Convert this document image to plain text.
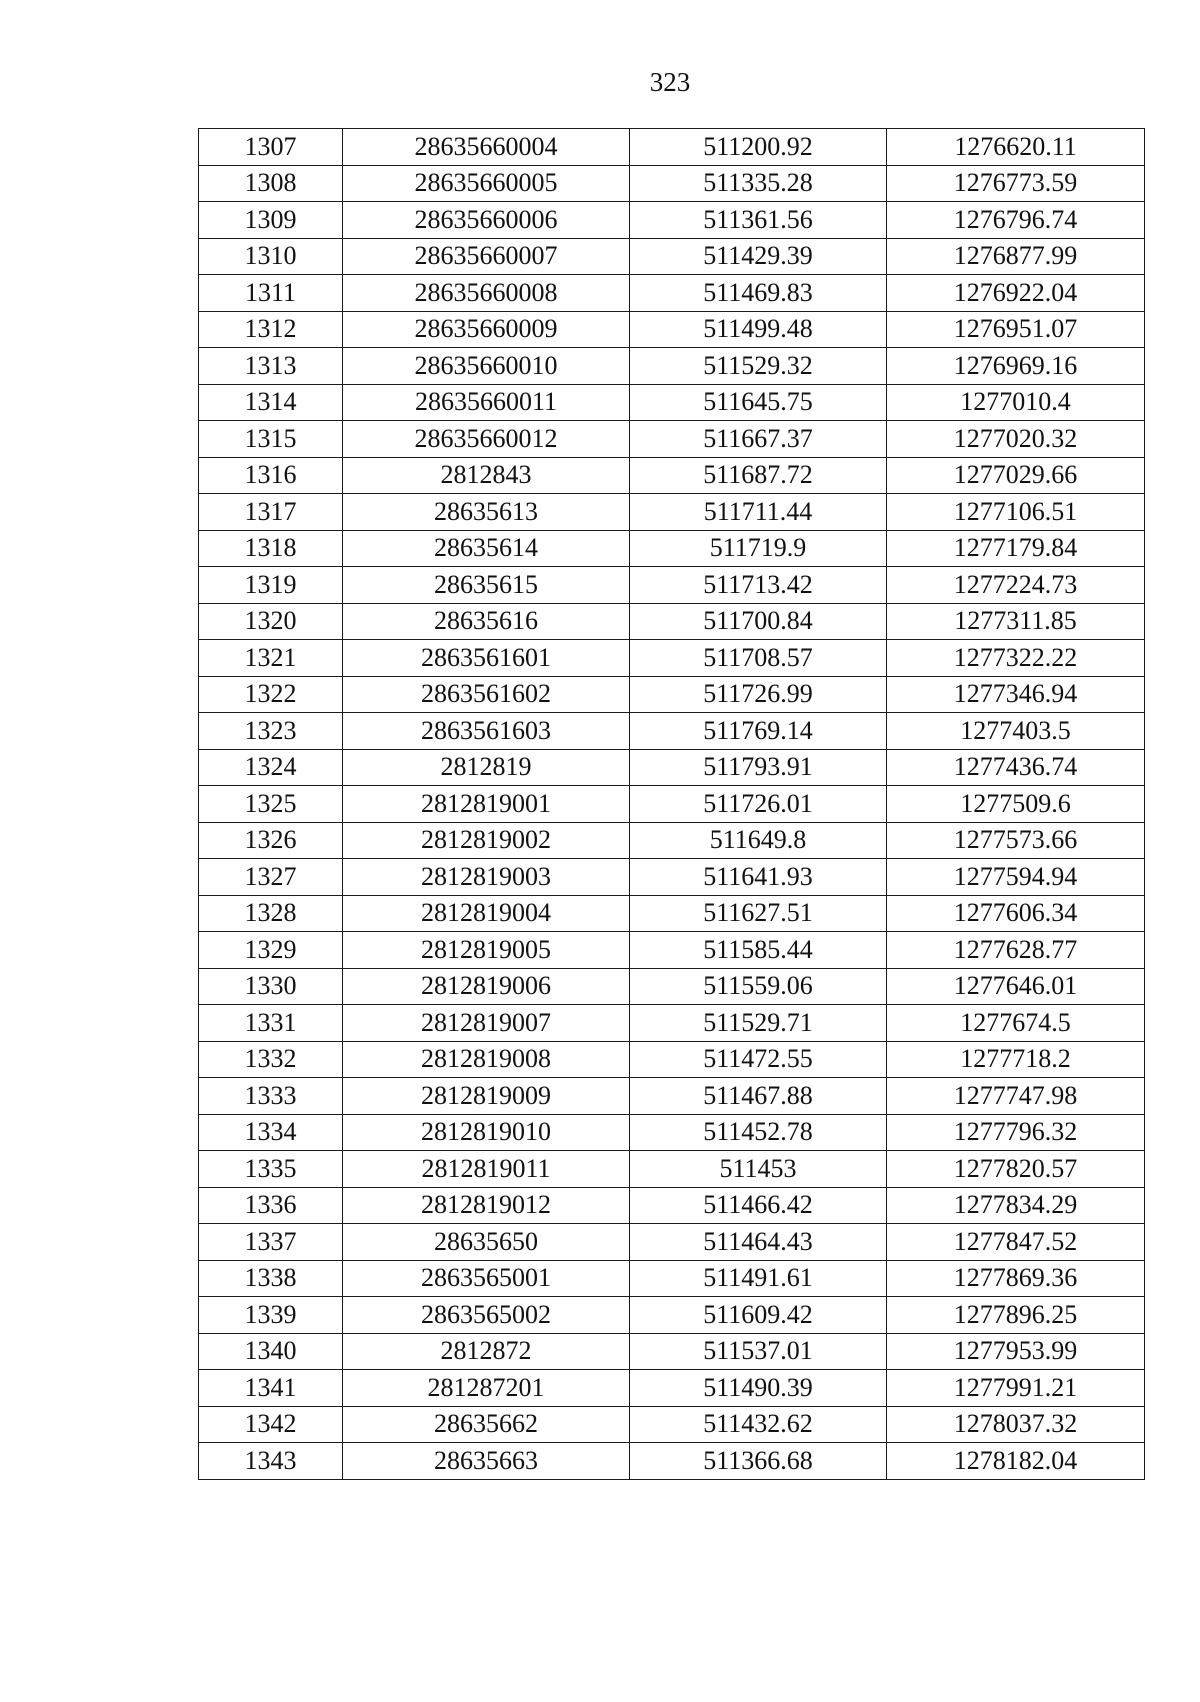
323
1307	28635660004	511200.92	1276620.11
1308	28635660005	511335.28	1276773.59
1309	28635660006	511361.56	1276796.74
1310	28635660007	511429.39	1276877.99
1311	28635660008	511469.83	1276922.04
1312	28635660009	511499.48	1276951.07
1313	28635660010	511529.32	1276969.16
1314	28635660011	511645.75	1277010.4
1315	28635660012	511667.37	1277020.32
1316	2812843	511687.72	1277029.66
1317	28635613	511711.44	1277106.51
1318	28635614	511719.9	1277179.84
1319	28635615	511713.42	1277224.73
1320	28635616	511700.84	1277311.85
1321	2863561601	511708.57	1277322.22
1322	2863561602	511726.99	1277346.94
1323	2863561603	511769.14	1277403.5
1324	2812819	511793.91	1277436.74
1325	2812819001	511726.01	1277509.6
1326	2812819002	511649.8	1277573.66
1327	2812819003	511641.93	1277594.94
1328	2812819004	511627.51	1277606.34
1329	2812819005	511585.44	1277628.77
1330	2812819006	511559.06	1277646.01
1331	2812819007	511529.71	1277674.5
1332	2812819008	511472.55	1277718.2
1333	2812819009	511467.88	1277747.98
1334	2812819010	511452.78	1277796.32
1335	2812819011	511453	1277820.57
1336	2812819012	511466.42	1277834.29
1337	28635650	511464.43	1277847.52
1338	2863565001	511491.61	1277869.36
1339	2863565002	511609.42	1277896.25
1340	2812872	511537.01	1277953.99
1341	281287201	511490.39	1277991.21
1342	28635662	511432.62	1278037.32
1343	28635663	511366.68	1278182.04
